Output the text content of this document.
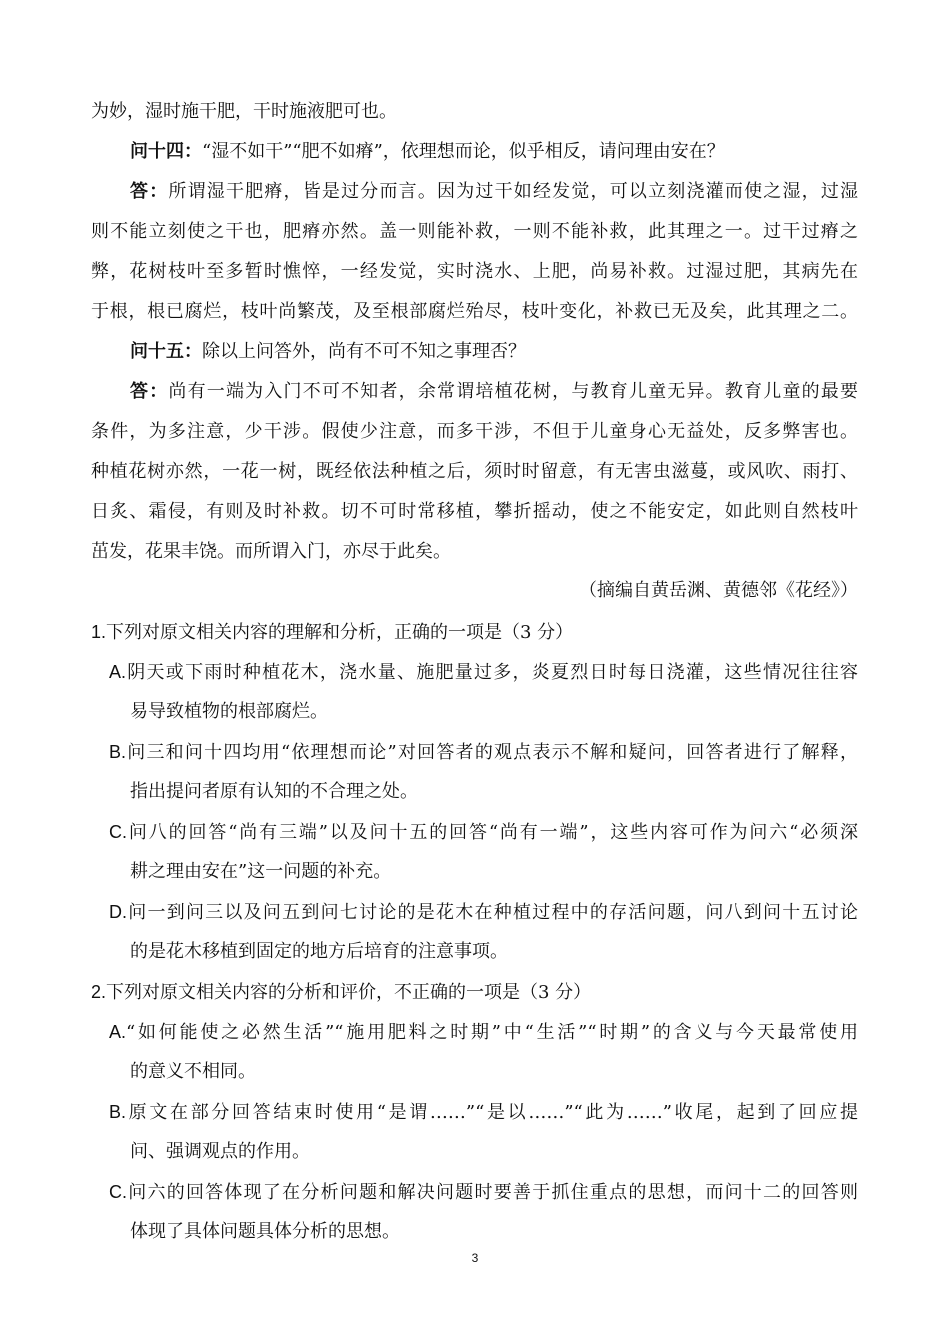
为妙，湿时施干肥，干时施液肥可也。
问十四：“湿不如干”“肥不如瘠”，依理想而论，似乎相反，请问理由安在？
答：所谓湿干肥瘠，皆是过分而言。因为过干如经发觉，可以立刻浇灌而使之湿，过湿
则不能立刻使之干也，肥瘠亦然。盖一则能补救，一则不能补救，此其理之一。过干过瘠之
弊，花树枝叶至多暂时憔悴，一经发觉，实时浇水、上肥，尚易补救。过湿过肥，其病先在
于根，根已腐烂，枝叶尚繁茂，及至根部腐烂殆尽，枝叶变化，补救已无及矣，此其理之二。
问十五：除以上问答外，尚有不可不知之事理否？
答：尚有一端为入门不可不知者，余常谓培植花树，与教育儿童无异。教育儿童的最要
条件，为多注意，少干涉。假使少注意，而多干涉，不但于儿童身心无益处，反多弊害也。
种植花树亦然，一花一树，既经依法种植之后，须时时留意，有无害虫滋蔓，或风吹、雨打、
日炙、霜侵，有则及时补救。切不可时常移植，攀折摇动，使之不能安定，如此则自然枝叶
茁发，花果丰饶。而所谓入门，亦尽于此矣。
（摘编自黄岳渊、黄德邻《花经》）
1.下列对原文相关内容的理解和分析，正确的一项是（3 分）
A.阴天或下雨时种植花木，浇水量、施肥量过多，炎夏烈日时每日浇灌，这些情况往往容
易导致植物的根部腐烂。
B.问三和问十四均用“依理想而论”对回答者的观点表示不解和疑问，回答者进行了解释，
指出提问者原有认知的不合理之处。
C.问八的回答“尚有三端”以及问十五的回答“尚有一端”，这些内容可作为问六“必须深
耕之理由安在”这一问题的补充。
D.问一到问三以及问五到问七讨论的是花木在种植过程中的存活问题，问八到问十五讨论
的是花木移植到固定的地方后培育的注意事项。
2.下列对原文相关内容的分析和评价，不正确的一项是（3 分）
A.“如何能使之必然生活”“施用肥料之时期”中“生活”“时期”的含义与今天最常使用
的意义不相同。
B.原文在部分回答结束时使用“是谓……”“是以……”“此为……”收尾，起到了回应提
问、强调观点的作用。
C.问六的回答体现了在分析问题和解决问题时要善于抓住重点的思想，而问十二的回答则
体现了具体问题具体分析的思想。
3
